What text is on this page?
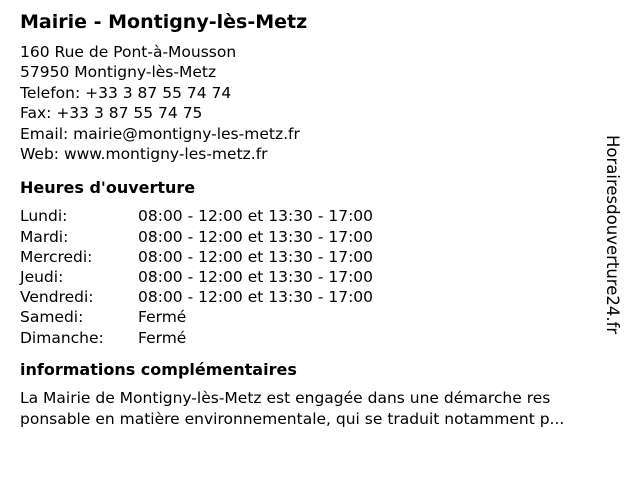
Mairie - Montigny-lès-Metz
160 Rue de Pont-à-Mousson
57950 Montigny-lès-Metz
Telefon: +33 3 87 55 74 74
Fax: +33 3 87 55 74 75
Email: mairie@montigny-les-metz.fr
Web: www.montigny-les-metz.fr
Heures d'ouverture
Lundi:	08:00 - 12:00 et 13:30 - 17:00
Mardi:	08:00 - 12:00 et 13:30 - 17:00
Mercredi:	08:00 - 12:00 et 13:30 - 17:00
Jeudi:	08:00 - 12:00 et 13:30 - 17:00
Vendredi:	08:00 - 12:00 et 13:30 - 17:00
Samedi:	Fermé
Dimanche:	Fermé
informations complémentaires
La Mairie de Montigny-lès-Metz est engagée dans une démarche res
ponsable en matière environnementale, qui se traduit notamment p...
Horairesdouverture24.fr
